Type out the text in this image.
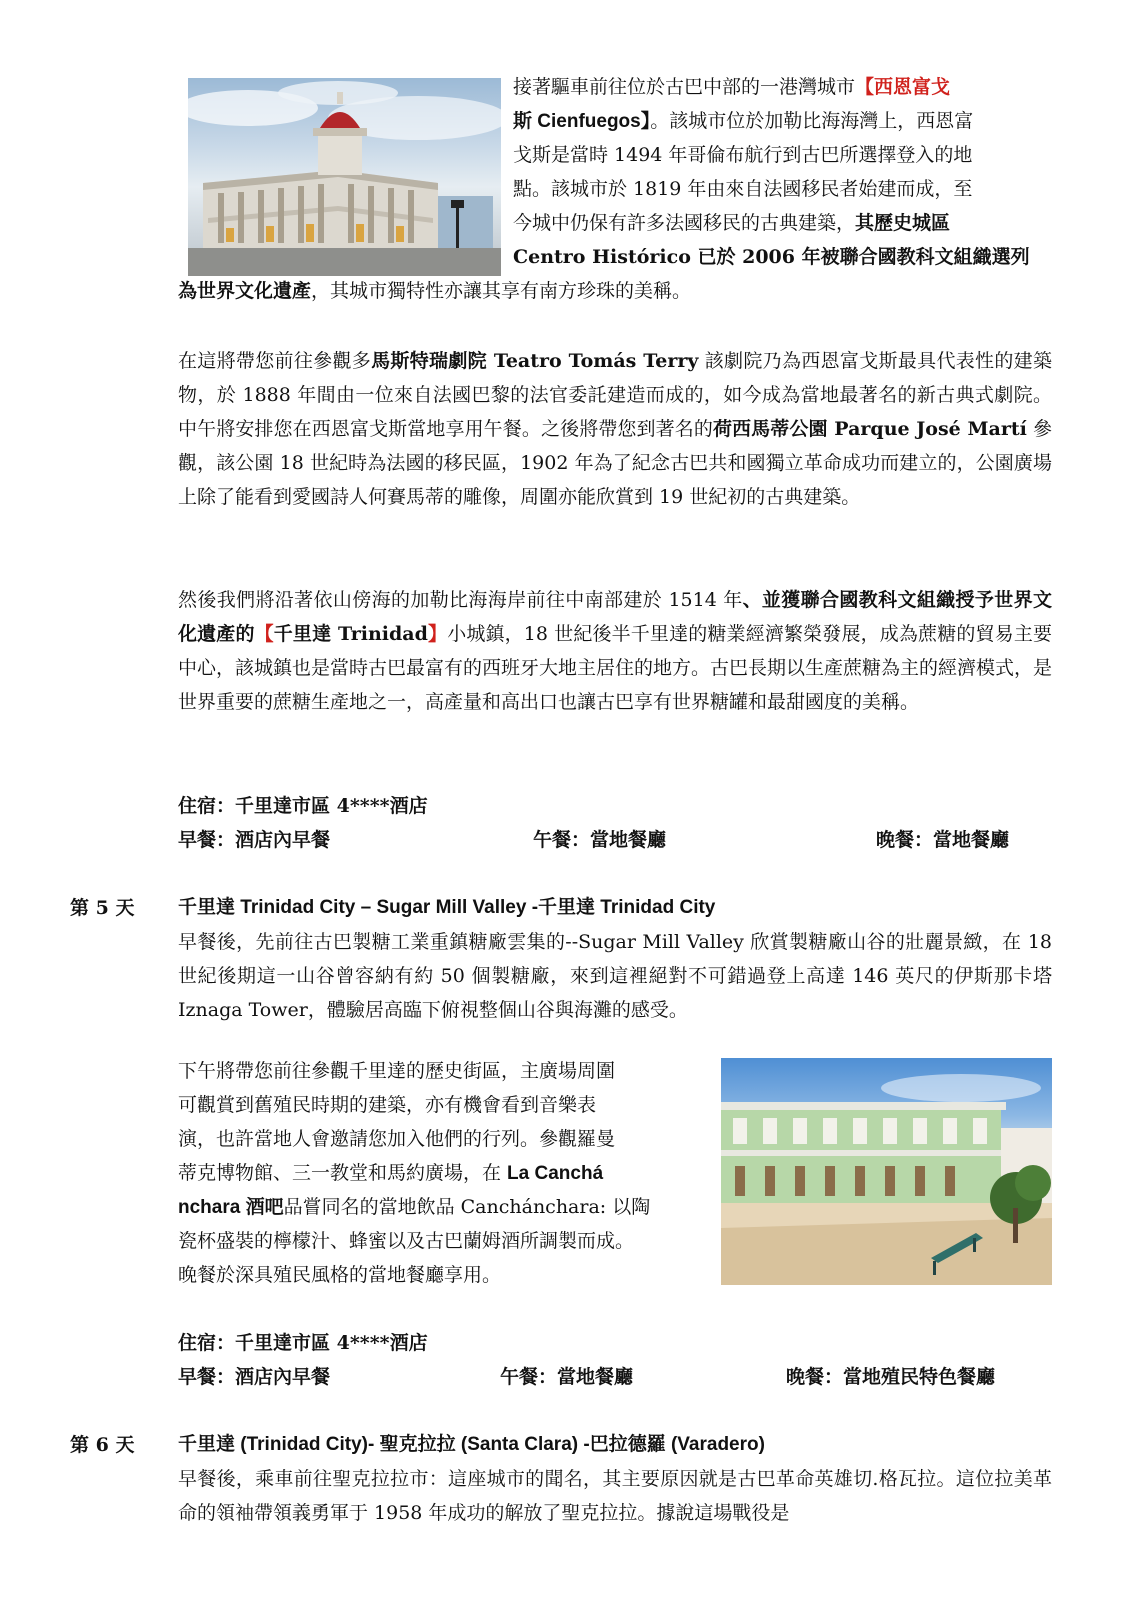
接著驅車前往位於古巴中部的一港灣城市【西恩富戈
斯 Cienfuegos】。該城市位於加勒比海海灣上，西恩富
戈斯是當時 1494 年哥倫布航行到古巴所選擇登入的地
點。該城市於 1819 年由來自法國移民者始建而成，至
今城中仍保有許多法國移民的古典建築，其歷史城區
Centro Histórico 已於 2006 年被聯合國教科文組織選列
為世界文化遺產，其城市獨特性亦讓其享有南方珍珠的美稱。
在這將帶您前往參觀多馬斯特瑞劇院 Teatro Tomás Terry 該劇院乃為西恩富戈斯最具代表性的建築物，於 1888 年間由一位來自法國巴黎的法官委託建造而成的，如今成為當地最著名的新古典式劇院。中午將安排您在西恩富戈斯當地享用午餐。之後將帶您到著名的荷西馬蒂公園 Parque José Martí 參觀，該公園 18 世紀時為法國的移民區，1902 年為了紀念古巴共和國獨立革命成功而建立的，公園廣場上除了能看到愛國詩人何賽馬蒂的雕像，周圍亦能欣賞到 19 世紀初的古典建築。
然後我們將沿著依山傍海的加勒比海海岸前往中南部建於 1514 年、並獲聯合國教科文組織授予世界文化遺產的【千里達 Trinidad】小城鎮，18 世紀後半千里達的糖業經濟繁榮發展，成為蔗糖的貿易主要中心，該城鎮也是當時古巴最富有的西班牙大地主居住的地方。古巴長期以生產蔗糖為主的經濟模式，是世界重要的蔗糖生產地之一，高產量和高出口也讓古巴享有世界糖罐和最甜國度的美稱。
住宿：千里達市區 4****酒店
早餐：酒店內早餐	午餐：當地餐廳	晚餐：當地餐廳
第 5 天 千里達 Trinidad City – Sugar Mill Valley -千里達 Trinidad City
早餐後，先前往古巴製糖工業重鎮糖廠雲集的--Sugar Mill Valley 欣賞製糖廠山谷的壯麗景緻，在 18 世紀後期這一山谷曾容納有約 50 個製糖廠，來到這裡絕對不可錯過登上高達 146 英尺的伊斯那卡塔 Iznaga Tower，體驗居高臨下俯視整個山谷與海灘的感受。
下午將帶您前往參觀千里達的歷史街區，主廣場周圍
可觀賞到舊殖民時期的建築，亦有機會看到音樂表
演，也許當地人會邀請您加入他們的行列。參觀羅曼
蒂克博物館、三一教堂和馬約廣場，在 La Canchá
nchara 酒吧品嘗同名的當地飲品 Canchánchara: 以陶
瓷杯盛裝的檸檬汁、蜂蜜以及古巴蘭姆酒所調製而成。
晚餐於深具殖民風格的當地餐廳享用。
住宿：千里達市區 4****酒店
早餐：酒店內早餐	午餐：當地餐廳	晚餐：當地殖民特色餐廳
第 6 天 千里達 (Trinidad City)- 聖克拉拉 (Santa Clara) -巴拉德羅 (Varadero)
早餐後，乘車前往聖克拉拉市：這座城市的聞名，其主要原因就是古巴革命英雄切.格瓦拉。這位拉美革命的領袖帶領義勇軍于 1958 年成功的解放了聖克拉拉。據說這場戰役是
